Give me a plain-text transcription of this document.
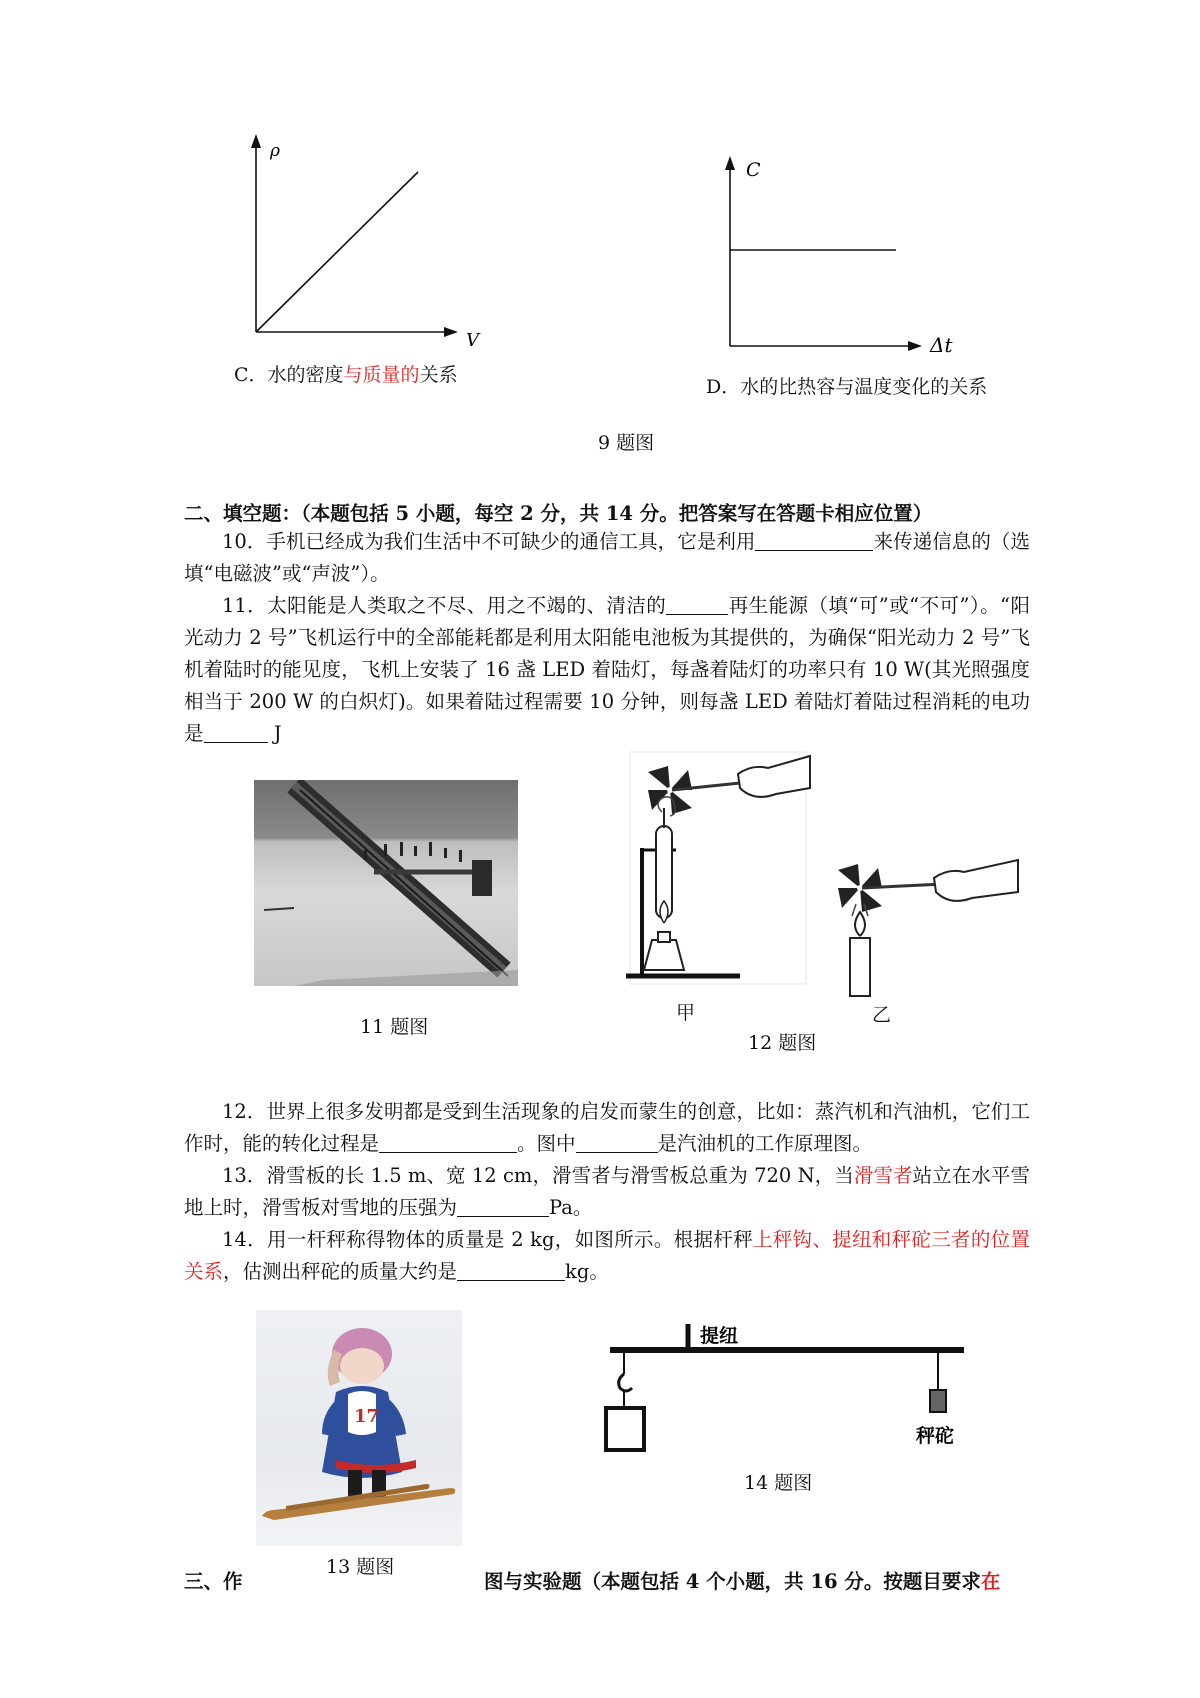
ρ
V
C．水的密度与质量的关系
C
Δt
D．水的比热容与温度变化的关系
9 题图
二、填空题：（本题包括 5 小题，每空 2 分，共 14 分。把答案写在答题卡相应位置）
10．手机已经成为我们生活中不可缺少的通信工具，它是利用	来传递信息的（选填“电磁波”或“声波”）。
11．太阳能是人类取之不尽、用之不竭的、清洁的	再生能源（填“可”或“不可”）。“阳光动力 2 号”飞机运行中的全部能耗都是利用太阳能电池板为其提供的，为确保“阳光动力 2 号”飞机着陆时的能见度，飞机上安装了 16 盏 LED 着陆灯，每盏着陆灯的功率只有 10 W(其光照强度相当于 200 W 的白炽灯)。如果着陆过程需要 10 分钟，则每盏 LED 着陆灯着陆过程消耗的电功是	J
11 题图
甲	乙
12 题图
12．世界上很多发明都是受到生活现象的启发而蒙生的创意，比如：蒸汽机和汽油机，它们工作时，能的转化过程是	。图中	是汽油机的工作原理图。
13．滑雪板的长 1.5 m、宽 12 cm，滑雪者与滑雪板总重为 720 N，当滑雪者站立在水平雪地上时，滑雪板对雪地的压强为	Pa。
14．用一杆秤称得物体的质量是 2 kg，如图所示。根据杆秤上秤钩、提纽和秤砣三者的位置关系，估测出秤砣的质量大约是	kg。
17
13 题图
提纽
秤砣
14 题图
三、作	图与实验题（本题包括 4 个小题，共 16 分。按题目要求在
